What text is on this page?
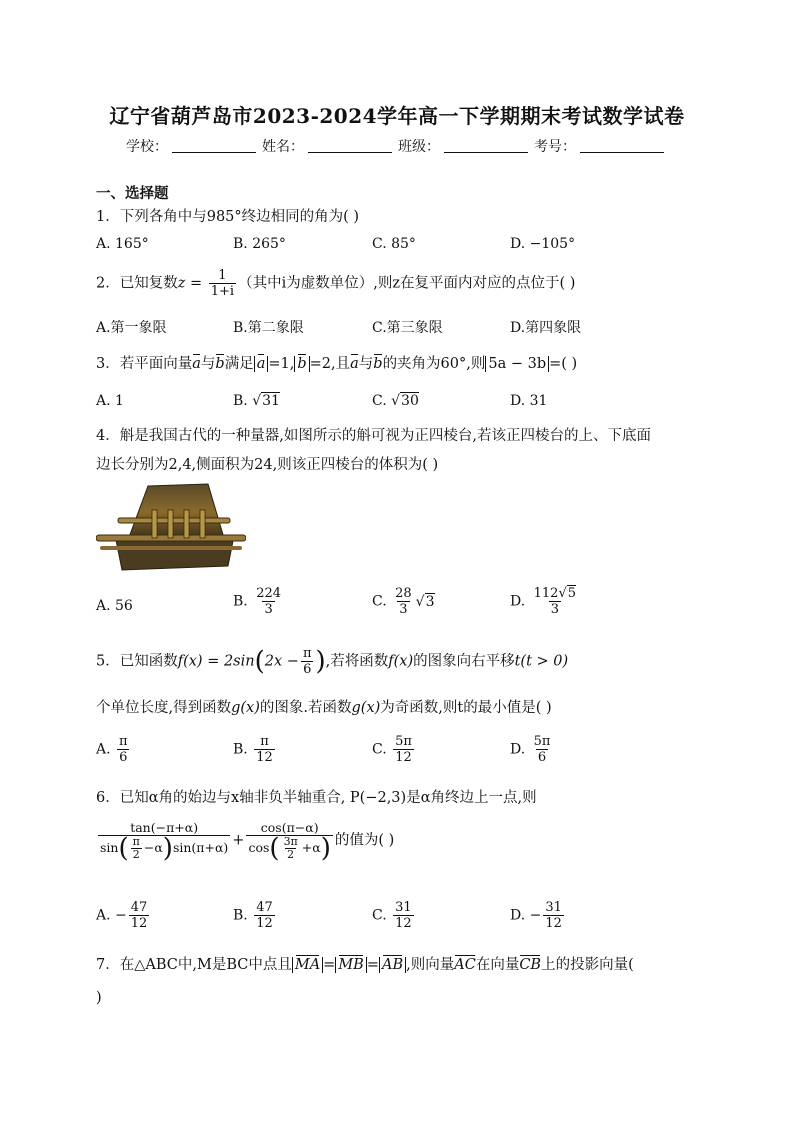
辽宁省葫芦岛市2023-2024学年高一下学期期末考试数学试卷
学校：	姓名：	班级：	考号：
一、选择题
1．下列各角中与985°终边相同的角为( )
A. 165°	B. 265°	C. 85°	D. −105°
2．已知复数$z = \frac{1}{1+i}$ （其中i为虚数单位）,则z在复平面内对应的点位于( )
A.第一象限	B.第二象限	C.第三象限	D.第四象限
3．若平面向量a与b满足 a =1, b =2,且a与b的夹角为60°,则 5a − 3b =( )
A. 1	B. √31	C. √30	D. 31
4．斛是我国古代的一种量器,如图所示的斛可视为正四棱台,若该正四棱台的上、下底面
边长分别为2,4,侧面积为24,则该正四棱台的体积为( )
A. 56	B. $\frac{224}{3}$	C. $\frac{28}{3} √3$	D. $\frac{112√5}{3}$
5．已知函数$f(x) = 2\sin(2x - \frac{\pi}{6}$ ),若将函数f(x)的图象向右平移t(t > 0)
个单位长度,得到函数g(x)的图象.若函数g(x)为奇函数,则t的最小值是( )
A. $\frac{\pi}{6}$	B. $\frac{\pi}{12}$	C. $\frac{5\pi}{12}$	D. $\frac{5\pi}{6}$
6．已知α角的始边与x轴非负半轴重合, P(−2,3)是α角终边上一点,则
$\frac{\tan(-\pi+\alpha)}{\sin( \frac{\pi}{2} -\alpha)\sin(\pi+\alpha)} + \frac{\cos(\pi-\alpha)}{\cos( \frac{3\pi}{2} +\alpha)}$ 的值为( )
A. − $\frac{47}{12}$	B. $\frac{47}{12}$	C. $\frac{31}{12}$	D. − $\frac{31}{12}$
7．在△ABC中,M是BC中点且 MA = MB = AB ,则向量AC在向量CB上的投影向量(
)
